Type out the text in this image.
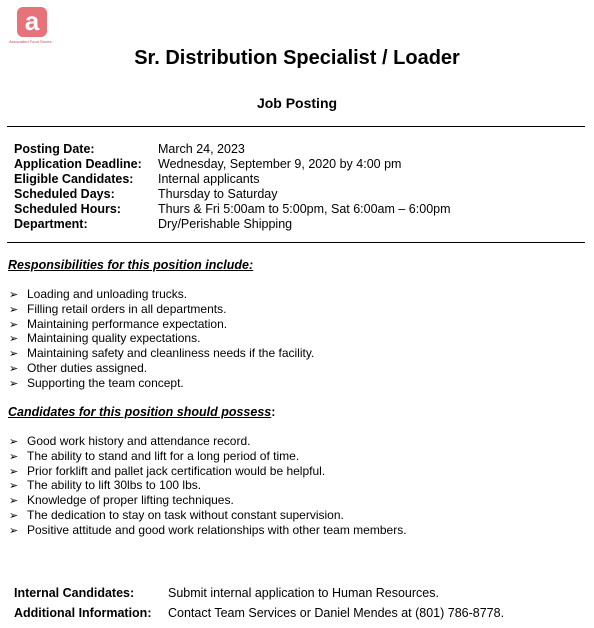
a
Associated Food Stores
Sr. Distribution Specialist / Loader
Job Posting
Posting Date:	March 24, 2023
Application Deadline: Wednesday, September 9, 2020 by 4:00 pm
Eligible Candidates: Internal applicants
Scheduled Days:	Thursday to Saturday
Scheduled Hours:	Thurs & Fri 5:00am to 5:00pm, Sat 6:00am – 6:00pm
Department:	Dry/Perishable Shipping
Responsibilities for this position include:
➢ Loading and unloading trucks.
➢ Filling retail orders in all departments.
➢ Maintaining performance expectation.
➢ Maintaining quality expectations.
➢ Maintaining safety and cleanliness needs if the facility.
➢ Other duties assigned.
➢ Supporting the team concept.
Candidates for this position should possess:
➢ Good work history and attendance record.
➢ The ability to stand and lift for a long period of time.
➢ Prior forklift and pallet jack certification would be helpful.
➢ The ability to lift 30lbs to 100 lbs.
➢ Knowledge of proper lifting techniques.
➢ The dedication to stay on task without constant supervision.
➢ Positive attitude and good work relationships with other team members.
Internal Candidates:	Submit internal application to Human Resources.
Additional Information: Contact Team Services or Daniel Mendes at (801) 786-8778.
